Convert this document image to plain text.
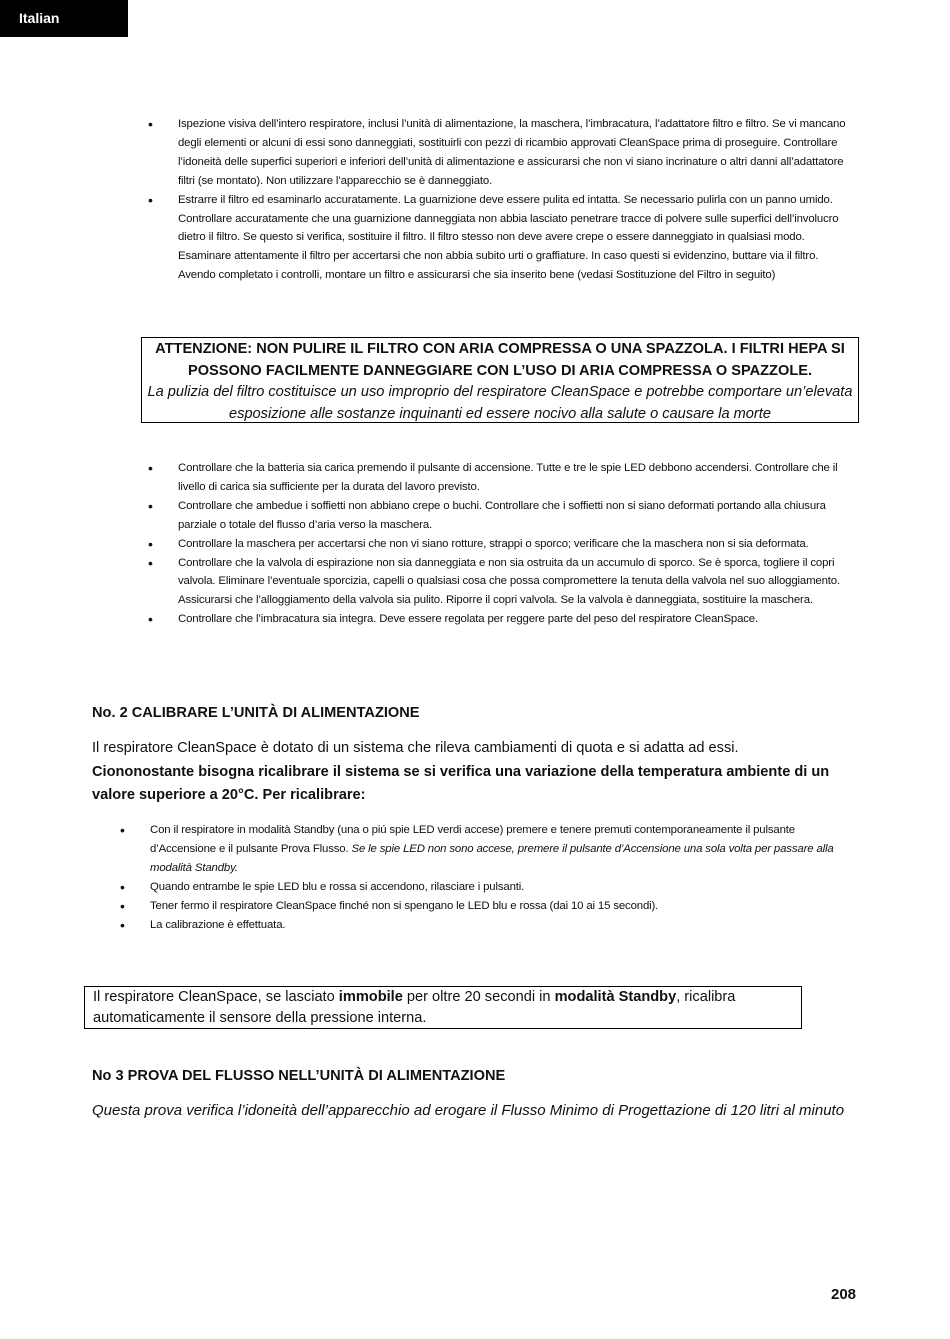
Italian
• Ispezione visiva dell’intero respiratore, inclusi l’unità di alimentazione, la maschera, l’imbracatura, l’adattatore filtro e filtro. Se vi mancano degli elementi or alcuni di essi sono danneggiati, sostituirli con pezzi di ricambio approvati CleanSpace prima di proseguire. Controllare l’idoneità delle superfici superiori e inferiori dell’unità di alimentazione e assicurarsi che non vi siano incrinature o altri danni all’adattatore filtri (se montato). Non utilizzare l’apparecchio se è danneggiato.
• Estrarre il filtro ed esaminarlo accuratamente. La guarnizione deve essere pulita ed intatta. Se necessario pulirla con un panno umido. Controllare accuratamente che una guarnizione danneggiata non abbia lasciato penetrare tracce di polvere sulle superfici dell’involucro dietro il filtro. Se questo si verifica, sostituire il filtro. Il filtro stesso non deve avere crepe o essere danneggiato in qualsiasi modo. Esaminare attentamente il filtro per accertarsi che non abbia subito urti o graffiature. In caso questi si evidenzino, buttare via il filtro. Avendo completato i controlli, montare un filtro e assicurarsi che sia inserito bene (vedasi Sostituzione del Filtro in seguito)
ATTENZIONE: NON PULIRE IL FILTRO CON ARIA COMPRESSA O UNA SPAZZOLA. I FILTRI HEPA SI POSSONO FACILMENTE DANNEGGIARE CON L’USO DI ARIA COMPRESSA O SPAZZOLE.
La pulizia del filtro costituisce un uso improprio del respiratore CleanSpace e potrebbe comportare un’elevata esposizione alle sostanze inquinanti ed essere nocivo alla salute o causare la morte
• Controllare che la batteria sia carica premendo il pulsante di accensione. Tutte e tre le spie LED debbono accendersi. Controllare che il livello di carica sia sufficiente per la durata del lavoro previsto.
• Controllare che ambedue i soffietti non abbiano crepe o buchi. Controllare che i soffietti non si siano deformati portando alla chiusura parziale o totale del flusso d’aria verso la maschera.
• Controllare la maschera per accertarsi che non vi siano rotture, strappi o sporco; verificare che la maschera non si sia deformata.
• Controllare che la valvola di espirazione non sia danneggiata e non sia ostruita da un accumulo di sporco. Se è sporca, togliere il copri valvola. Eliminare l’eventuale sporcizia, capelli o qualsiasi cosa che possa compromettere la tenuta della valvola nel suo alloggiamento. Assicurarsi che l’alloggiamento della valvola sia pulito. Riporre il copri valvola. Se la valvola è danneggiata, sostituire la maschera.
• Controllare che l’imbracatura sia integra. Deve essere regolata per reggere parte del peso del respiratore CleanSpace.
No. 2 CALIBRARE L’UNITÀ DI ALIMENTAZIONE
Il respiratore CleanSpace è dotato di un sistema che rileva cambiamenti di quota e si adatta ad essi.
Ciononostante bisogna ricalibrare il sistema se si verifica una variazione della temperatura ambiente di un valore superiore a 20°C. Per ricalibrare:
• Con il respiratore in modalità Standby (una o piú spie LED verdi accese) premere e tenere premuti contemporaneamente il pulsante d’Accensione e il pulsante Prova Flusso. Se le spie LED non sono accese, premere il pulsante d’Accensione una sola volta per passare alla modalità Standby.
• Quando entrambe le spie LED blu e rossa si accendono, rilasciare i pulsanti.
• Tener fermo il respiratore CleanSpace finché non si spengano le LED blu e rossa (dai 10 ai 15 secondi).
• La calibrazione è effettuata.
Il respiratore CleanSpace, se lasciato immobile per oltre 20 secondi in modalità Standby, ricalibra automaticamente il sensore della pressione interna.
No 3 PROVA DEL FLUSSO NELL’UNITÀ DI ALIMENTAZIONE
Questa prova verifica l’idoneità dell’apparecchio ad erogare il Flusso Minimo di Progettazione di 120 litri al minuto
208
